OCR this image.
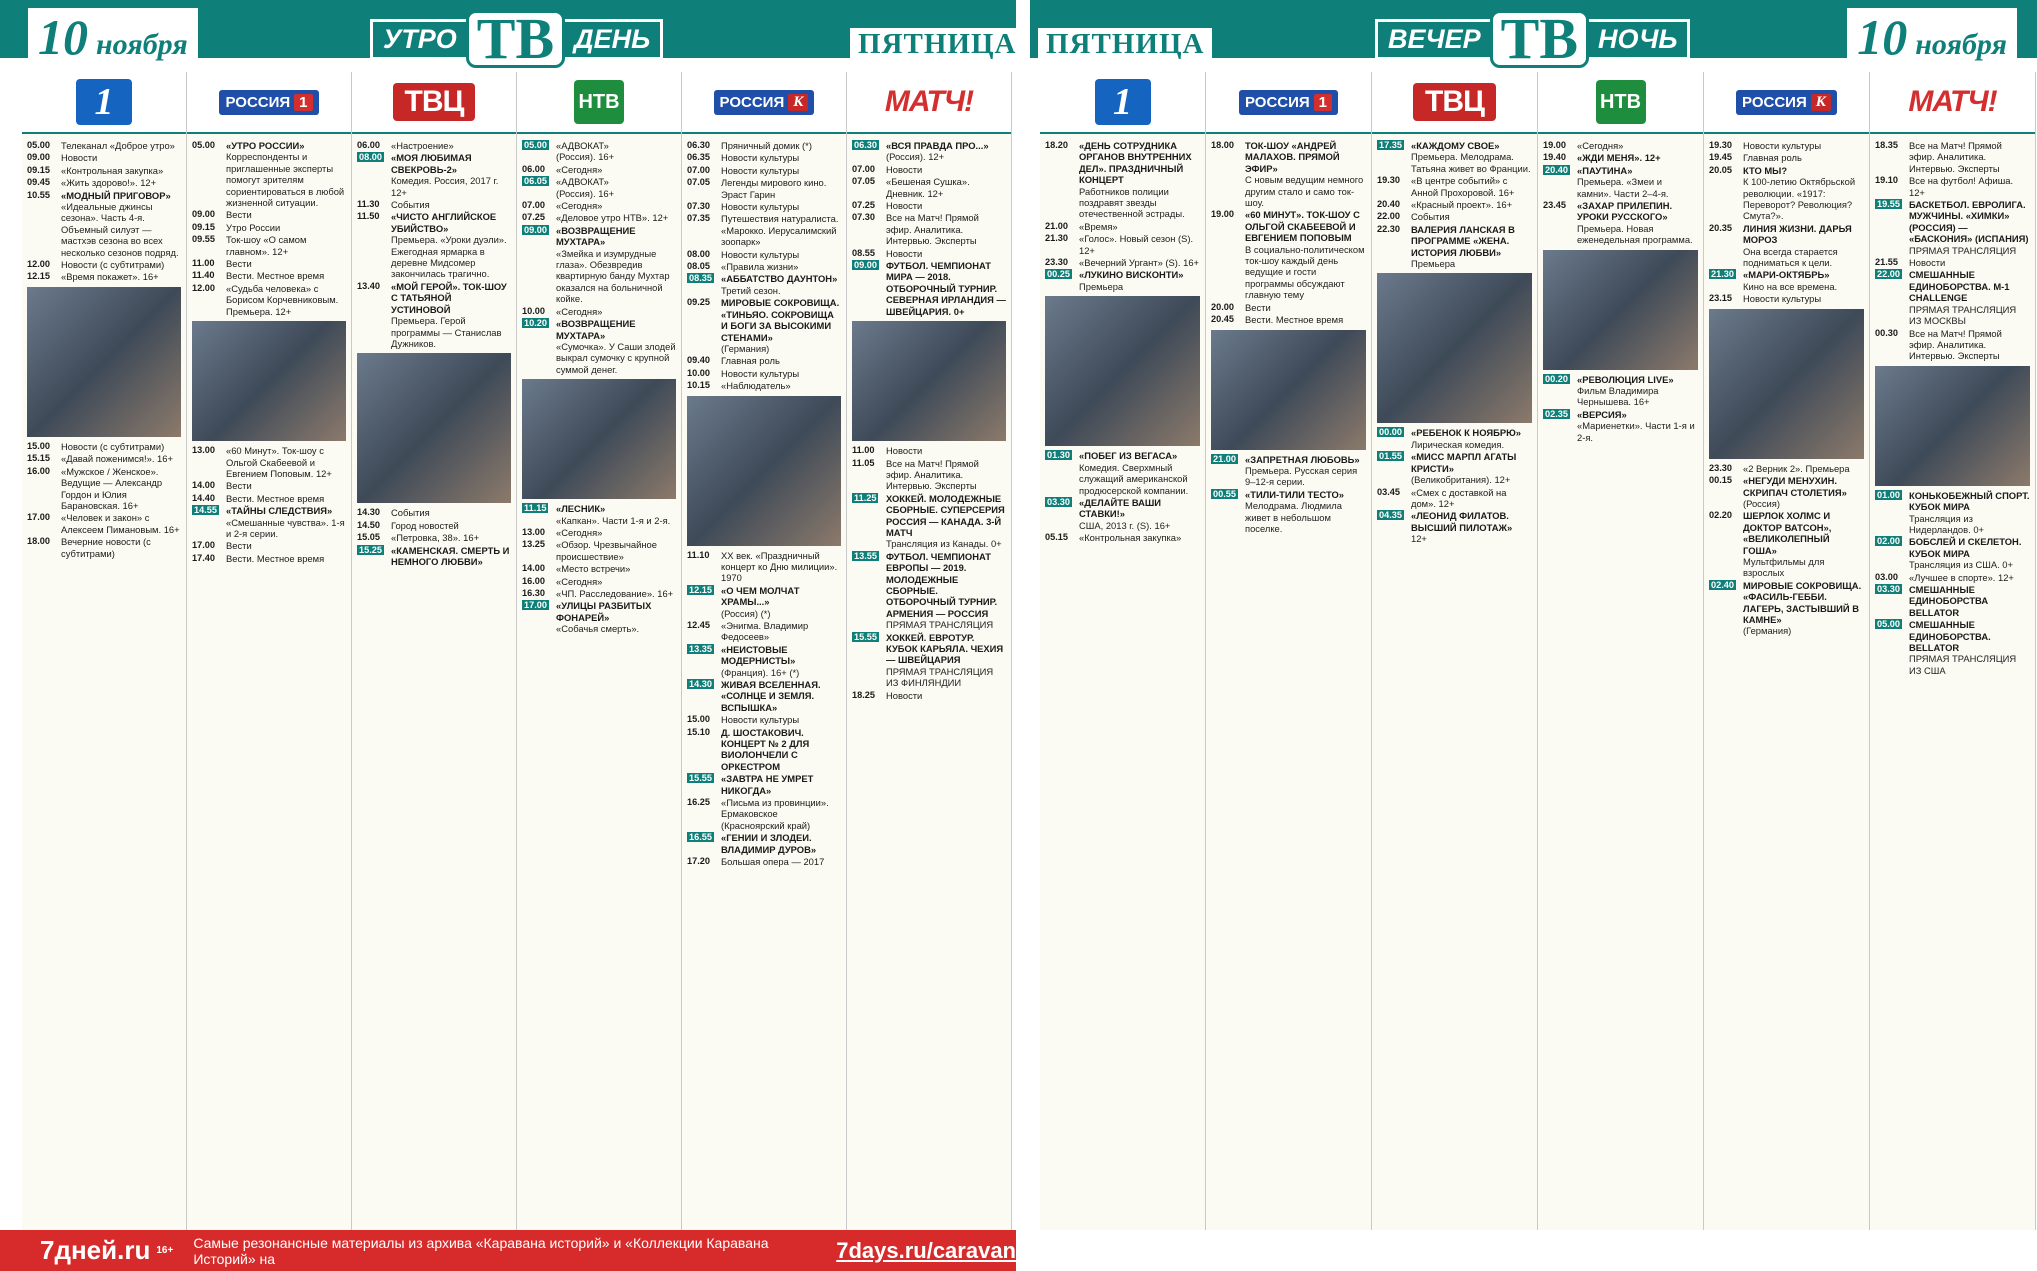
10 ноября	УТРО ТВ ДЕНЬ	ПЯТНИЦА ПЯТНИЦА	ВЕЧЕР ТВ НОЧЬ	10 ноября
1
05.00	Телеканал «Доброе утро»
09.00	Новости
09.15	«Контрольная закупка»
09.45	«Жить здорово!». 12+
10.55	«МОДНЫЙ ПРИГОВОР»
«Идеальные джинсы сезона». Часть 4-я. Объемный силуэт — мастхэв сезона во всех несколько сезонов подряд.
12.00	Новости (с субтитрами)
12.15	«Время покажет». 16+
15.00	Новости (с субтитрами)
15.15	«Давай поженимся!». 16+
16.00	«Мужское / Женское». Ведущие — Александр Гордон и Юлия Барановская. 16+
17.00	«Человек и закон» с Алексеем Пимановым. 16+
18.00	Вечерние новости (с субтитрами)
РОССИЯ 1
05.00	«УТРО РОССИИ»
Корреспонденты и приглашенные эксперты помогут зрителям сориентироваться в любой жизненной ситуации.
09.00	Вести
09.15	Утро России
09.55	Ток-шоу «О самом главном». 12+
11.00	Вести
11.40	Вести. Местное время
12.00	«Судьба человека» с Борисом Корчевниковым. Премьера. 12+
13.00	«60 Минут». Ток-шоу с Ольгой Скабеевой и Евгением Поповым. 12+
14.00	Вести
14.40	Вести. Местное время
14.55 «ТАЙНЫ СЛЕДСТВИЯ»
«Смешанные чувства». 1-я и 2-я серии.
17.00	Вести
17.40	Вести. Местное время
ТВЦ
06.00	«Настроение»
08.00 «МОЯ ЛЮБИМАЯ СВЕКРОВЬ-2»
Комедия. Россия, 2017 г. 12+
11.30	События
11.50	«ЧИСТО АНГЛИЙСКОЕ УБИЙСТВО»
Премьера. «Уроки дуэли». Ежегодная ярмарка в деревне Мидсомер закончилась трагично.
13.40	«МОЙ ГЕРОЙ». ТОК-ШОУ С ТАТЬЯНОЙ УСТИНОВОЙ
Премьера. Герой программы — Станислав Дужников.
14.30	События
14.50	Город новостей
15.05	«Петровка, 38». 16+
15.25 «КАМЕНСКАЯ. СМЕРТЬ И НЕМНОГО ЛЮБВИ»
НТВ
05.00 «АДВОКАТ»
(Россия). 16+
06.00	«Сегодня»
06.05 «АДВОКАТ»
(Россия). 16+
07.00	«Сегодня»
07.25	«Деловое утро НТВ». 12+
09.00 «ВОЗВРАЩЕНИЕ МУХТАРА»
«Змейка и изумрудные глаза». Обезвредив квартирную банду Мухтар оказался на больничной койке.
10.00	«Сегодня»
10.20 «ВОЗВРАЩЕНИЕ МУХТАРА»
«Сумочка». У Саши злодей выкрал сумочку с крупной суммой денег.
11.15	«ЛЕСНИК»
«Капкан». Части 1-я и 2-я.
13.00	«Сегодня»
13.25	«Обзор. Чрезвычайное происшествие»
14.00	«Место встречи»
16.00	«Сегодня»
16.30	«ЧП. Расследование». 16+
17.00 «УЛИЦЫ РАЗБИТЫХ ФОНАРЕЙ»
«Собачья смерть».
РОССИЯ К
06.30	Пряничный домик (*)
06.35	Новости культуры
07.00	Новости культуры
07.05	Легенды мирового кино. Эраст Гарин
07.30	Новости культуры
07.35	Путешествия натуралиста. «Марокко. Иерусалимский зоопарк»
08.00	Новости культуры
08.05	«Правила жизни»
08.35 «АББАТСТВО ДАУНТОН»
Третий сезон.
09.25	МИРОВЫЕ СОКРОВИЩА. «ТИНЬЯО. СОКРОВИЩА И БОГИ ЗА ВЫСОКИМИ СТЕНАМИ»
(Германия)
09.40	Главная роль
10.00	Новости культуры
10.15	«Наблюдатель»
11.10	XX век. «Праздничный концерт ко Дню милиции». 1970
12.15 «О ЧЕМ МОЛЧАТ ХРАМЫ...»
(Россия) (*)
12.45	«Энигма. Владимир Федосеев»
13.35 «НЕИСТОВЫЕ МОДЕРНИСТЫ»
(Франция). 16+ (*)
14.30 ЖИВАЯ ВСЕЛЕННАЯ. «СОЛНЦЕ И ЗЕМЛЯ. ВСПЫШКА»
15.00	Новости культуры
15.10	Д. ШОСТАКОВИЧ. КОНЦЕРТ № 2 ДЛЯ ВИОЛОНЧЕЛИ С ОРКЕСТРОМ
15.55 «ЗАВТРА НЕ УМРЕТ НИКОГДА»
16.25	«Письма из провинции». Ермаковское (Красноярский край)
16.55 «ГЕНИИ И ЗЛОДЕИ. ВЛАДИМИР ДУРОВ»
17.20	Большая опера — 2017
МАТЧ!
06.30 «ВСЯ ПРАВДА ПРО...»
(Россия). 12+
07.00	Новости
07.05	«Бешеная Сушка». Дневник. 12+
07.25	Новости
07.30	Все на Матч! Прямой эфир. Аналитика. Интервью. Эксперты
08.55	Новости
09.00 ФУТБОЛ. ЧЕМПИОНАТ МИРА — 2018. ОТБОРОЧНЫЙ ТУРНИР. СЕВЕРНАЯ ИРЛАНДИЯ — ШВЕЙЦАРИЯ. 0+
11.00	Новости
11.05	Все на Матч! Прямой эфир. Аналитика. Интервью. Эксперты
11.25	ХОККЕЙ. МОЛОДЕЖНЫЕ СБОРНЫЕ. СУПЕРСЕРИЯ РОССИЯ — КАНАДА. 3-Й МАТЧ
Трансляция из Канады. 0+
13.55 ФУТБОЛ. ЧЕМПИОНАТ ЕВРОПЫ — 2019. МОЛОДЕЖНЫЕ СБОРНЫЕ. ОТБОРОЧНЫЙ ТУРНИР. АРМЕНИЯ — РОССИЯ
ПРЯМАЯ ТРАНСЛЯЦИЯ
15.55 ХОККЕЙ. ЕВРОТУР. КУБОК КАРЬЯЛА. ЧЕХИЯ — ШВЕЙЦАРИЯ
ПРЯМАЯ ТРАНСЛЯЦИЯ ИЗ ФИНЛЯНДИИ
18.25	Новости
1
18.20	«ДЕНЬ СОТРУДНИКА ОРГАНОВ ВНУТРЕННИХ ДЕЛ». ПРАЗДНИЧНЫЙ КОНЦЕРТ
Работников полиции поздравят звезды отечественной эстрады.
21.00	«Время»
21.30	«Голос». Новый сезон (S). 12+
23.30	«Вечерний Ургант» (S). 16+
00.25 «ЛУКИНО ВИСКОНТИ»
Премьера
01.30 «ПОБЕГ ИЗ ВЕГАСА»
Комедия. Сверхмный служащий американской продюсерской компании.
03.30 «ДЕЛАЙТЕ ВАШИ СТАВКИ!»
США, 2013 г. (S). 16+
05.15	«Контрольная закупка»
РОССИЯ 1
18.00	ТОК-ШОУ «АНДРЕЙ МАЛАХОВ. ПРЯМОЙ ЭФИР»
С новым ведущим немного другим стало и само ток-шоу.
19.00	«60 МИНУТ». ТОК-ШОУ С ОЛЬГОЙ СКАБЕЕВОЙ И ЕВГЕНИЕМ ПОПОВЫМ
В социально-политическом ток-шоу каждый день ведущие и гости программы обсуждают главную тему
20.00	Вести
20.45	Вести. Местное время
21.00 «ЗАПРЕТНАЯ ЛЮБОВЬ»
Премьера. Русская серия 9–12-я серии.
00.55 «ТИЛИ-ТИЛИ ТЕСТО»
Мелодрама. Людмила живет в небольшом поселке.
ТВЦ
17.35 «КАЖДОМУ СВОЕ»
Премьера. Мелодрама. Татьяна живет во Франции.
19.30	«В центре событий» с Анной Прохоровой. 16+
20.40	«Красный проект». 16+
22.00	События
22.30	ВАЛЕРИЯ ЛАНСКАЯ В ПРОГРАММЕ «ЖЕНА. ИСТОРИЯ ЛЮБВИ»
Премьера
00.00 «РЕБЕНОК К НОЯБРЮ»
Лирическая комедия.
01.55 «МИСС МАРПЛ АГАТЫ КРИСТИ»
(Великобритания). 12+
03.45	«Смех с доставкой на дом». 12+
04.35 «ЛЕОНИД ФИЛАТОВ. ВЫСШИЙ ПИЛОТАЖ»
12+
НТВ
19.00	«Сегодня»
19.40	«ЖДИ МЕНЯ». 12+
20.40 «ПАУТИНА»
Премьера. «Змеи и камни». Части 2–4-я.
23.45	«ЗАХАР ПРИЛЕПИН. УРОКИ РУССКОГО»
Премьера. Новая еженедельная программа.
00.20 «РЕВОЛЮЦИЯ LIVE»
Фильм Владимира Чернышева. 16+
02.35 «ВЕРСИЯ»
«Мариенетки». Части 1-я и 2-я.
РОССИЯ К
19.30	Новости культуры
19.45	Главная роль
20.05	КТО МЫ?
К 100-летию Октябрьской революции. «1917: Переворот? Революция? Смута?».
20.35	ЛИНИЯ ЖИЗНИ. ДАРЬЯ МОРОЗ
Она всегда старается подниматься к цели.
21.30 «МАРИ-ОКТЯБРЬ»
Кино на все времена.
23.15	Новости культуры
23.30	«2 Верник 2». Премьера
00.15	«НЕГУДИ МЕНУХИН. СКРИПАЧ СТОЛЕТИЯ»
(Россия)
02.20	ШЕРЛОК ХОЛМС И ДОКТОР ВАТСОН», «ВЕЛИКОЛЕПНЫЙ ГОША»
Мультфильмы для взрослых
02.40 МИРОВЫЕ СОКРОВИЩА. «ФАСИЛЬ-ГЕББИ. ЛАГЕРЬ, ЗАСТЫВШИЙ В КАМНЕ»
(Германия)
МАТЧ!
18.35	Все на Матч! Прямой эфир. Аналитика. Интервью. Эксперты
19.10	Все на футбол! Афиша. 12+
19.55 БАСКЕТБОЛ. ЕВРОЛИГА. МУЖЧИНЫ. «ХИМКИ» (РОССИЯ) — «БАСКОНИЯ» (ИСПАНИЯ)
ПРЯМАЯ ТРАНСЛЯЦИЯ
21.55	Новости
22.00 СМЕШАННЫЕ ЕДИНОБОРСТВА. М-1 CHALLENGE
ПРЯМАЯ ТРАНСЛЯЦИЯ ИЗ МОСКВЫ
00.30	Все на Матч! Прямой эфир. Аналитика. Интервью. Эксперты
01.00 КОНЬКОБЕЖНЫЙ СПОРТ. КУБОК МИРА
Трансляция из Нидерландов. 0+
02.00 БОБСЛЕЙ И СКЕЛЕТОН. КУБОК МИРА
Трансляция из США. 0+
03.00	«Лучшее в спорте». 12+
03.30 СМЕШАННЫЕ ЕДИНОБОРСТВА BELLATOR
05.00 СМЕШАННЫЕ ЕДИНОБОРСТВА. BELLATOR
ПРЯМАЯ ТРАНСЛЯЦИЯ ИЗ США
7дней.ru 16+ Самые резонансные материалы из архива «Каравана историй» и «Коллекции Каравана Историй» на	7days.ru/caravan
